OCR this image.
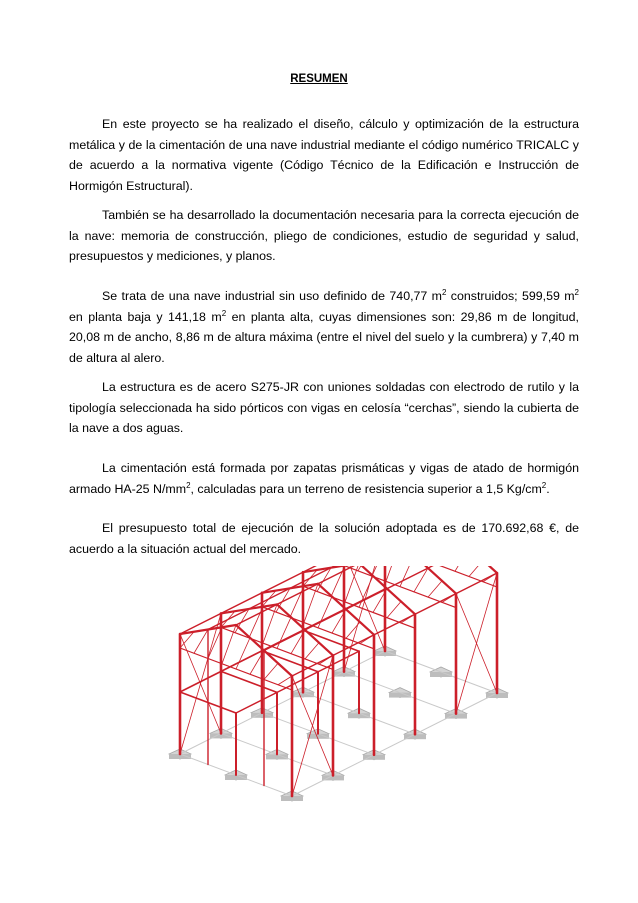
RESUMEN

En este proyecto se ha realizado el diseño, cálculo y optimización de la estructura metálica y de la cimentación de una nave industrial mediante el código numérico TRICALC y de acuerdo a la normativa vigente (Código Técnico de la Edificación e Instrucción de Hormigón Estructural).

También se ha desarrollado la documentación necesaria para la correcta ejecución de la nave: memoria de construcción, pliego de condiciones, estudio de seguridad y salud, presupuestos y mediciones, y planos.

Se trata de una nave industrial sin uso definido de 740,77 $m^2$ construidos; 599,59 $m^2$ en planta baja y 141,18 $m^2$ en planta alta, cuyas dimensiones son: 29,86 m de longitud, 20,08 m de ancho, 8,86 m de altura máxima (entre el nivel del suelo y la cumbrera) y 7,40 m de altura al alero.

La estructura es de acero S275-JR con uniones soldadas con electrodo de rutilo y la tipología seleccionada ha sido pórticos con vigas en celosía “cerchas”, siendo la cubierta de la nave a dos aguas.

La cimentación está formada por zapatas prismáticas y vigas de atado de hormigón armado HA-25 $N/mm^2$, calculadas para un terreno de resistencia superior a 1,5 $Kg/cm^2$.

El presupuesto total de ejecución de la solución adoptada es de 170.692,68 €, de acuerdo a la situación actual del mercado.
